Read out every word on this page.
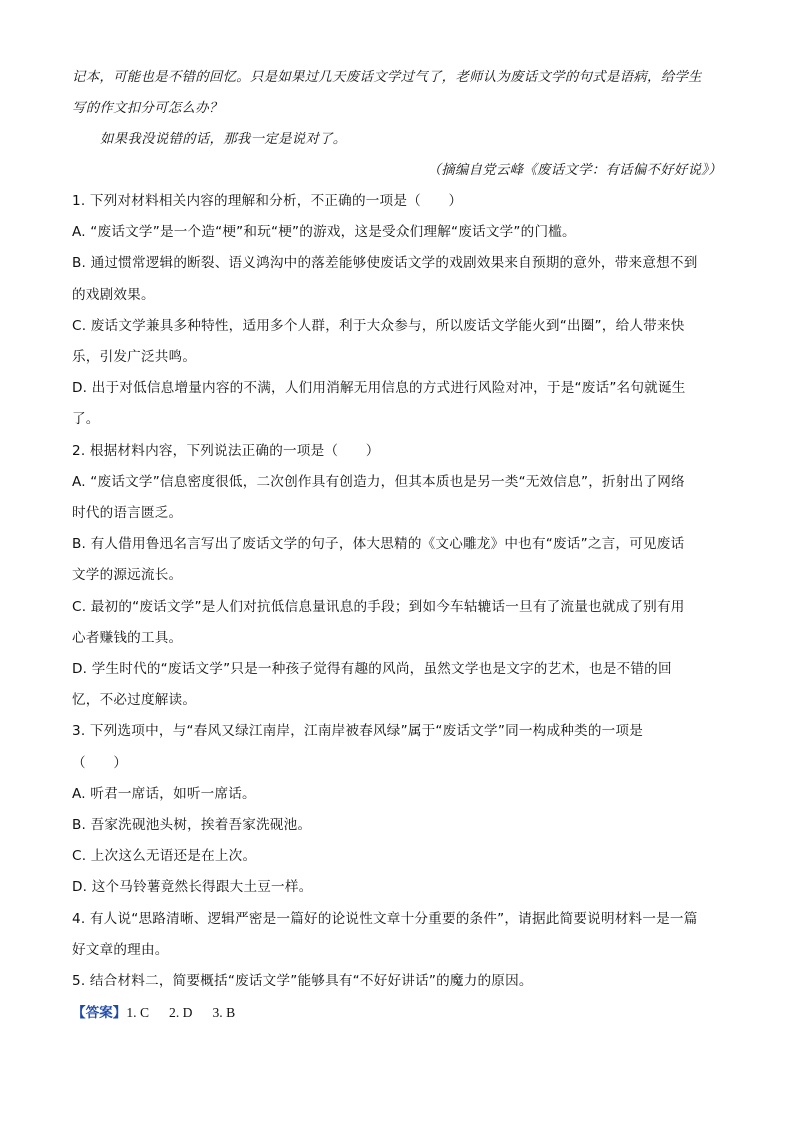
记本，可能也是不错的回忆。只是如果过几天废话文学过气了，老师认为废话文学的句式是语病，给学生

写的作文扣分可怎么办？

如果我没说错的话，那我一定是说对了。

（摘编自党云峰《废话文学：有话偏不好好说》）

1. 下列对材料相关内容的理解和分析，不正确的一项是（　　）

A. “废话文学”是一个造“梗”和玩“梗”的游戏，这是受众们理解“废话文学”的门槛。

B. 通过惯常逻辑的断裂、语义鸿沟中的落差能够使废话文学的戏剧效果来自预期的意外，带来意想不到

的戏剧效果。

C. 废话文学兼具多种特性，适用多个人群，利于大众参与，所以废话文学能火到“出圈”，给人带来快

乐，引发广泛共鸣。

D. 出于对低信息增量内容的不满，人们用消解无用信息的方式进行风险对冲，于是“废话”名句就诞生

了。

2. 根据材料内容，下列说法正确的一项是（　　）

A. “废话文学”信息密度很低，二次创作具有创造力，但其本质也是另一类“无效信息”，折射出了网络

时代的语言匮乏。

B. 有人借用鲁迅名言写出了废话文学的句子，体大思精的《文心雕龙》中也有“废话”之言，可见废话

文学的源远流长。

C. 最初的“废话文学”是人们对抗低信息量讯息的手段；到如今车轱辘话一旦有了流量也就成了别有用

心者赚钱的工具。

D. 学生时代的“废话文学”只是一种孩子觉得有趣的风尚，虽然文学也是文字的艺术，也是不错的回

忆，不必过度解读。

3. 下列选项中，与“春风又绿江南岸，江南岸被春风绿”属于“废话文学”同一构成种类的一项是

（　　）

A. 听君一席话，如听一席话。

B. 吾家洗砚池头树，挨着吾家洗砚池。

C. 上次这么无语还是在上次。

D. 这个马铃薯竟然长得跟大土豆一样。

4. 有人说“思路清晰、逻辑严密是一篇好的论说性文章十分重要的条件”，请据此简要说明材料一是一篇

好文章的理由。

5. 结合材料二，简要概括“废话文学”能够具有“不好好讲话”的魔力的原因。

【答案】1. C 2. D 3. B
